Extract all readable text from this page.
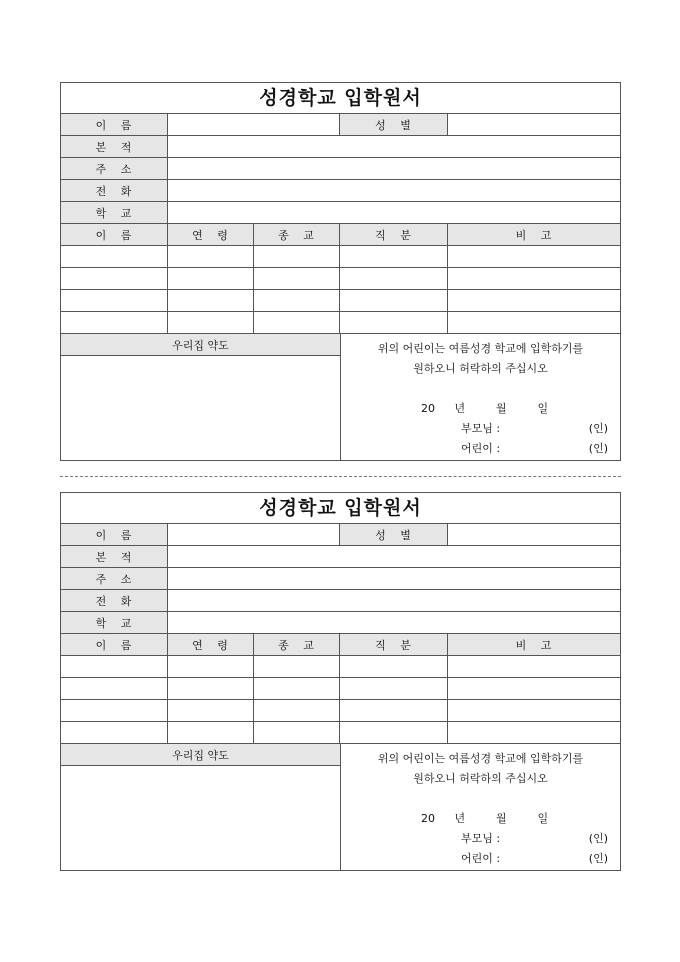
성경학교 입학원서
이   름	성   별
본   적
주   소
전   화
학   교
이   름	연   령	종   교	직   분	비   고
우리집 약도	위의 어린이는 여름성경 학교에 입학하기를
원하오니 허락하의 주십시오
20 년	월	일
부모님 :	(인)
어린이 :	(인)
성경학교 입학원서
이   름	성   별
본   적
주   소
전   화
학   교
이   름	연   령	종   교	직   분	비   고
우리집 약도	위의 어린이는 여름성경 학교에 입학하기를
원하오니 허락하의 주십시오
20 년	월	일
부모님 :	(인)
어린이 :	(인)
